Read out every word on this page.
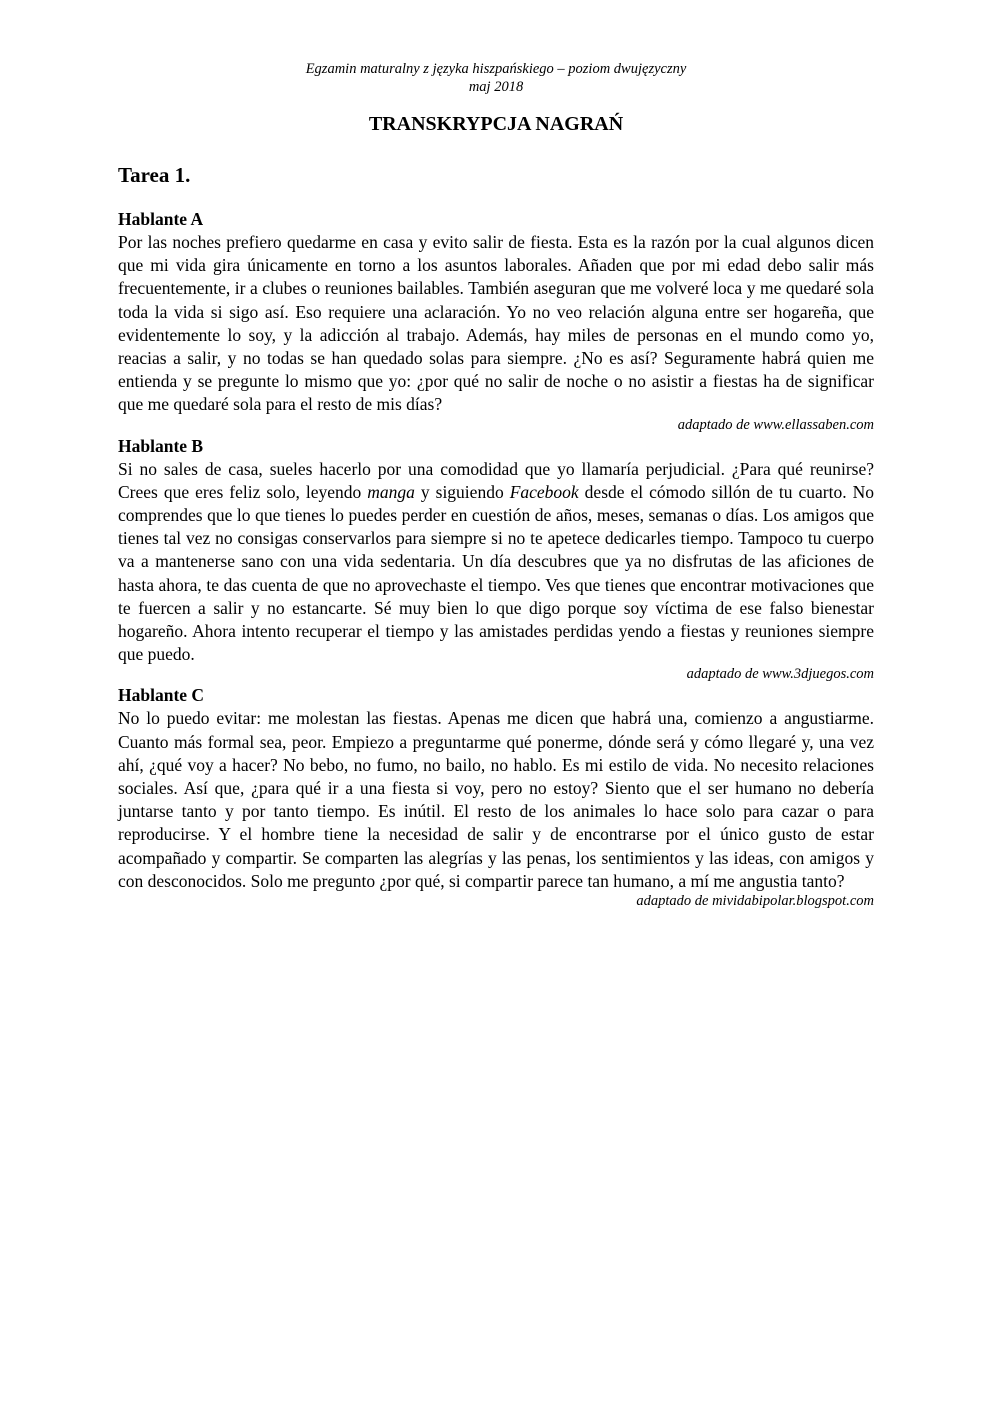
Egzamin maturalny z języka hiszpańskiego – poziom dwujęzyczny
maj 2018
TRANSKRYPCJA NAGRAŃ
Tarea 1.
Hablante A

Por las noches prefiero quedarme en casa y evito salir de fiesta. Esta es la razón por la cual algunos dicen que mi vida gira únicamente en torno a los asuntos laborales. Añaden que por mi edad debo salir más frecuentemente, ir a clubes o reuniones bailables. También aseguran que me volveré loca y me quedaré sola toda la vida si sigo así. Eso requiere una aclaración. Yo no veo relación alguna entre ser hogareña, que evidentemente lo soy, y la adicción al trabajo. Además, hay miles de personas en el mundo como yo, reacias a salir, y no todas se han quedado solas para siempre. ¿No es así? Seguramente habrá quien me entienda y se pregunte lo mismo que yo: ¿por qué no salir de noche o no asistir a fiestas ha de significar que me quedaré sola para el resto de mis días?

adaptado de www.ellassaben.com
Hablante B

Si no sales de casa, sueles hacerlo por una comodidad que yo llamaría perjudicial. ¿Para qué reunirse? Crees que eres feliz solo, leyendo manga y siguiendo Facebook desde el cómodo sillón de tu cuarto. No comprendes que lo que tienes lo puedes perder en cuestión de años, meses, semanas o días. Los amigos que tienes tal vez no consigas conservarlos para siempre si no te apetece dedicarles tiempo. Tampoco tu cuerpo va a mantenerse sano con una vida sedentaria. Un día descubres que ya no disfrutas de las aficiones de hasta ahora, te das cuenta de que no aprovechaste el tiempo. Ves que tienes que encontrar motivaciones que te fuercen a salir y no estancarte. Sé muy bien lo que digo porque soy víctima de ese falso bienestar hogareño. Ahora intento recuperar el tiempo y las amistades perdidas yendo a fiestas y reuniones siempre que puedo.

adaptado de www.3djuegos.com
Hablante C

No lo puedo evitar: me molestan las fiestas. Apenas me dicen que habrá una, comienzo a angustiarme. Cuanto más formal sea, peor. Empiezo a preguntarme qué ponerme, dónde será y cómo llegaré y, una vez ahí, ¿qué voy a hacer? No bebo, no fumo, no bailo, no hablo. Es mi estilo de vida. No necesito relaciones sociales. Así que, ¿para qué ir a una fiesta si voy, pero no estoy? Siento que el ser humano no debería juntarse tanto y por tanto tiempo. Es inútil. El resto de los animales lo hace solo para cazar o para reproducirse. Y el hombre tiene la necesidad de salir y de encontrarse por el único gusto de estar acompañado y compartir. Se comparten las alegrías y las penas, los sentimientos y las ideas, con amigos y con desconocidos. Solo me pregunto ¿por qué, si compartir parece tan humano, a mí me angustia tanto?

adaptado de mividabipolar.blogspot.com
